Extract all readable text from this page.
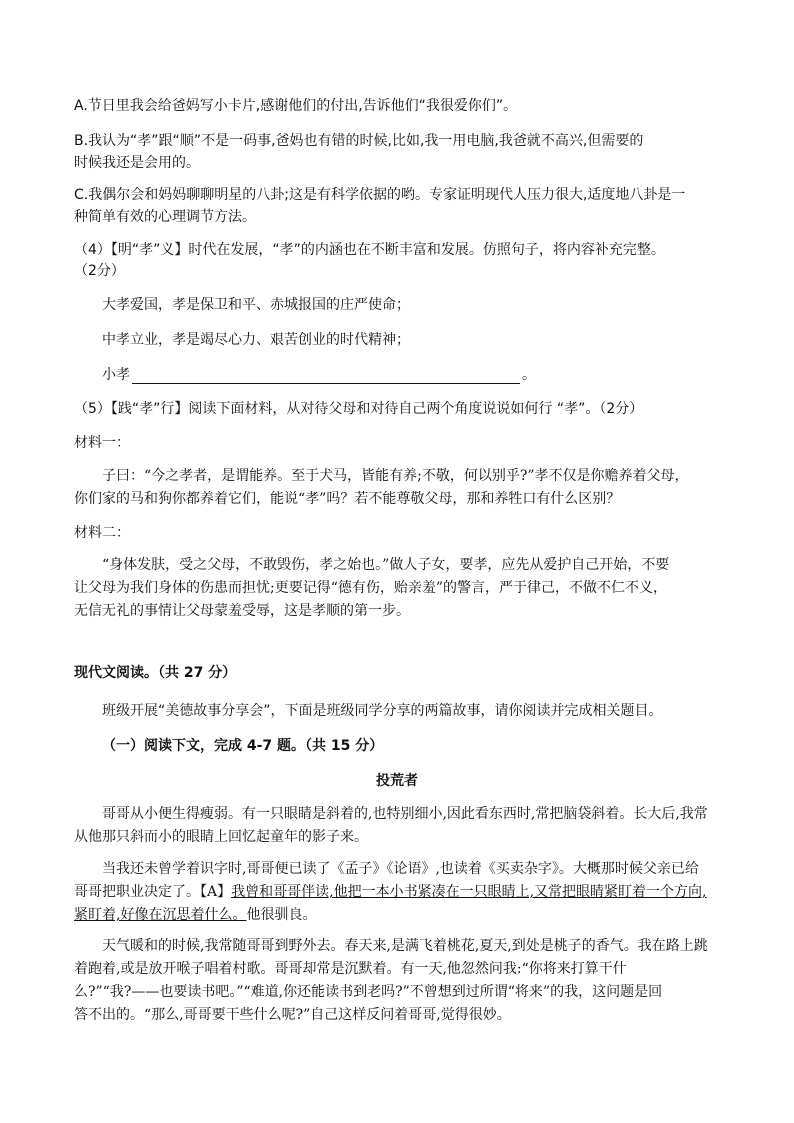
A.节日里我会给爸妈写小卡片,感谢他们的付出,告诉他们“我很爱你们”。
B.我认为“孝”跟“顺”不是一码事,爸妈也有错的时候,比如,我一用电脑,我爸就不高兴,但需要的
时候我还是会用的。
C.我偶尔会和妈妈聊聊明星的八卦;这是有科学依据的哟。专家证明现代人压力很大,适度地八卦是一
种简单有效的心理调节方法。
（4）【明“孝”义】时代在发展，“孝”的内涵也在不断丰富和发展。仿照句子，将内容补充完整。
（2分）
大孝爱国，孝是保卫和平、赤城报国的庄严使命；
中孝立业，孝是竭尽心力、艰苦创业的时代精神；
小孝	。
（5）【践“孝”行】阅读下面材料，从对待父母和对待自己两个角度说说如何行 “孝”。（2分）
材料一：
子曰：“今之孝者，是谓能养。至于犬马，皆能有养;不敬，何以别乎?”孝不仅是你赡养着父母，
你们家的马和狗你都养着它们，能说“孝”吗？若不能尊敬父母，那和养牲口有什么区别？
材料二：
“身体发肤，受之父母，不敢毁伤，孝之始也。”做人子女，要孝，应先从爱护自己开始，不要
让父母为我们身体的伤患而担忧;更要记得“德有伤，贻亲羞”的警言，严于律己，不做不仁不义，
无信无礼的事情让父母蒙羞受辱，这是孝顺的第一步。
现代文阅读。（共 27 分）
班级开展“美德故事分享会”，下面是班级同学分享的两篇故事，请你阅读并完成相关题目。
（一）阅读下文，完成 4-7 题。（共 15 分）
投荒者
哥哥从小便生得瘦弱。有一只眼睛是斜着的,也特别细小,因此看东西时,常把脑袋斜着。长大后,我常
从他那只斜而小的眼睛上回忆起童年的影子来。
当我还未曾学着识字时,哥哥便已读了《孟子》《论语》,也读着《买卖杂字》。大概那时候父亲已给
哥哥把职业决定了。【A】我曾和哥哥伴读,他把一本小书紧凑在一只眼睛上,又常把眼睛紧盯着一个方向,
紧盯着,好像在沉思着什么。他很驯良。
天气暖和的时候,我常随哥哥到野外去。春天来,是满飞着桃花,夏天,到处是桃子的香气。我在路上跳
着跑着,或是放开喉子唱着村歌。哥哥却常是沉默着。有一天,他忽然问我:“你将来打算干什
么?”“我?——也要读书吧。”“难道,你还能读书到老吗?”不曾想到过所谓“将来”的我，这问题是回
答不出的。“那么,哥哥要干些什么呢?”自己这样反问着哥哥,觉得很妙。
